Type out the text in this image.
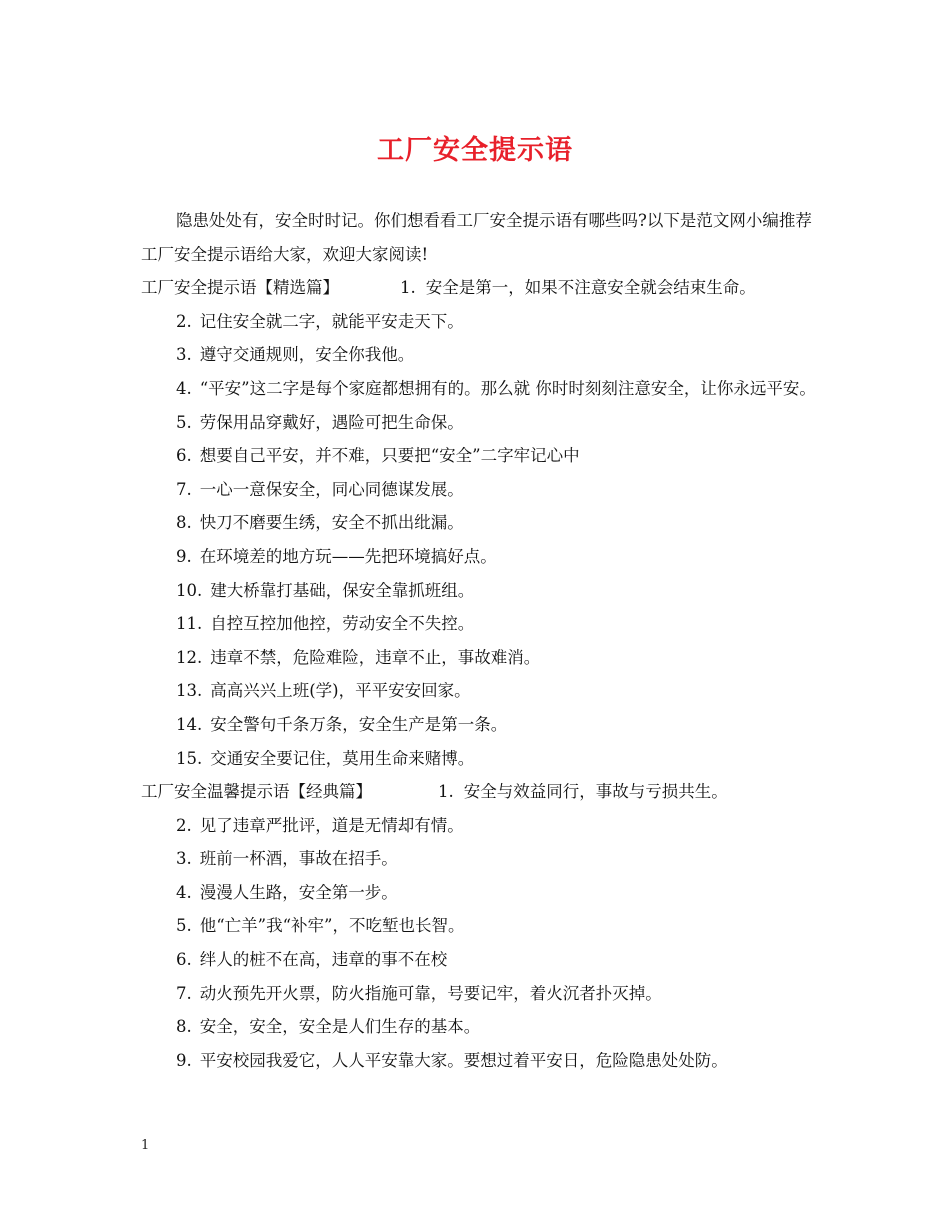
工厂安全提示语

隐患处处有，安全时时记。你们想看看工厂安全提示语有哪些吗?以下是范文网小编推荐工厂安全提示语给大家，欢迎大家阅读!

工厂安全提示语【精选篇】	1. 安全是第一，如果不注意安全就会结束生命。

2. 记住安全就二字，就能平安走天下。

3. 遵守交通规则，安全你我他。

4. “平安”这二字是每个家庭都想拥有的。那么就 你时时刻刻注意安全，让你永远平安。

5. 劳保用品穿戴好，遇险可把生命保。

6. 想要自己平安，并不难，只要把“安全”二字牢记心中

7. 一心一意保安全，同心同德谋发展。

8. 快刀不磨要生绣，安全不抓出纰漏。

9. 在环境差的地方玩——先把环境搞好点。

10. 建大桥靠打基础，保安全靠抓班组。

11. 自控互控加他控，劳动安全不失控。

12. 违章不禁，危险难险，违章不止，事故难消。

13. 高高兴兴上班(学)，平平安安回家。

14. 安全警句千条万条，安全生产是第一条。

15. 交通安全要记住，莫用生命来赌博。

工厂安全温馨提示语【经典篇】	1. 安全与效益同行，事故与亏损共生。

2. 见了违章严批评，道是无情却有情。

3. 班前一杯酒，事故在招手。

4. 漫漫人生路，安全第一步。

5. 他“亡羊”我“补牢”，不吃堑也长智。

6. 绊人的桩不在高，违章的事不在校

7. 动火预先开火票，防火指施可靠，号要记牢，着火沉者扑灭掉。

8. 安全，安全，安全是人们生存的基本。

9. 平安校园我爱它，人人平安靠大家。要想过着平安日，危险隐患处处防。

1
